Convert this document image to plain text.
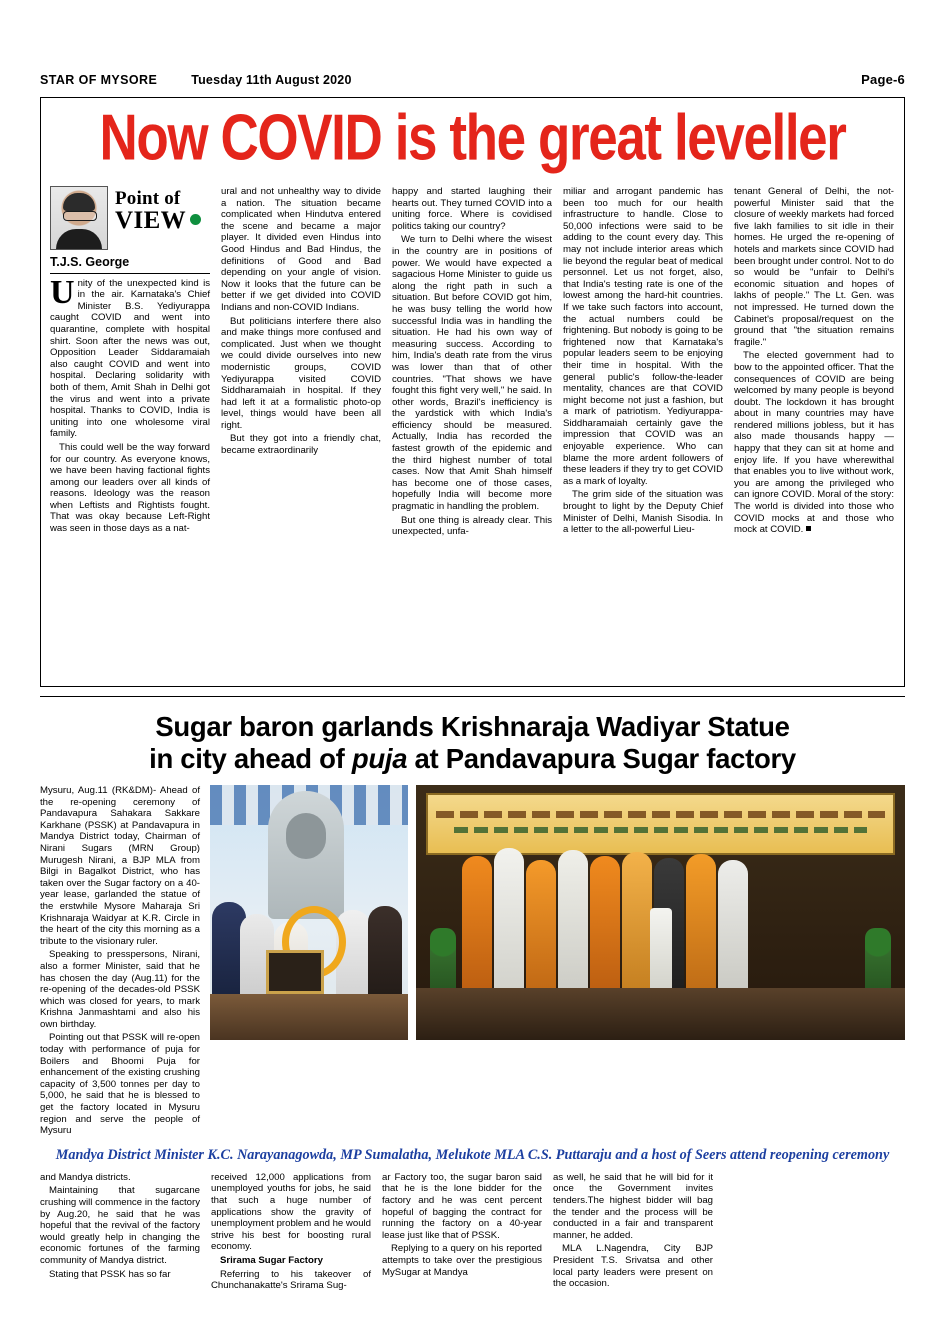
STAR OF MYSORE	Tuesday 11th August 2020	Page-6
Now COVID is the great leveller
Point of
VIEW
T.J.S. George

Unity of the unexpected kind is in the air. Karnataka's Chief Minister B.S. Yediyurappa caught COVID and went into quarantine, complete with hospital shirt. Soon after the news was out, Opposition Leader Siddaramaiah also caught COVID and went into hospital. Declaring solidarity with both of them, Amit Shah in Delhi got the virus and went into a private hospital. Thanks to COVID, India is uniting into one wholesome viral family.

This could well be the way forward for our country. As everyone knows, we have been having factional fights among our leaders over all kinds of reasons. Ideology was the reason when Leftists and Rightists fought. That was okay because Left-Right was seen in those days as a nat-

ural and not unhealthy way to divide a nation. The situation became complicated when Hindutva entered the scene and became a major player. It divided even Hindus into Good Hindus and Bad Hindus, the definitions of Good and Bad depending on your angle of vision. Now it looks that the future can be better if we get divided into COVID Indians and non-COVID Indians.

But politicians interfere there also and make things more confused and complicated. Just when we thought we could divide ourselves into new modernistic groups, COVID Yediyurappa visited COVID Siddharamaiah in hospital. If they had left it at a formalistic photo-op level, things would have been all right.

But they got into a friendly chat, became extraordinarily

happy and started laughing their hearts out. They turned COVID into a uniting force. Where is covidised politics taking our country?

We turn to Delhi where the wisest in the country are in positions of power. We would have expected a sagacious Home Minister to guide us along the right path in such a situation. But before COVID got him, he was busy telling the world how successful India was in handling the situation. He had his own way of measuring success. According to him, India's death rate from the virus was lower than that of other countries. "That shows we have fought this fight very well," he said. In other words, Brazil's inefficiency is the yardstick with which India's efficiency should be measured. Actually, India has recorded the fastest growth of the epidemic and the third highest number of total cases. Now that Amit Shah himself has become one of those cases, hopefully India will become more pragmatic in handling the problem.

But one thing is already clear. This unexpected, unfa-

miliar and arrogant pandemic has been too much for our health infrastructure to handle. Close to 50,000 infections were said to be adding to the count every day. This may not include interior areas which lie beyond the regular beat of medical personnel. Let us not forget, also, that India's testing rate is one of the lowest among the hard-hit countries. If we take such factors into account, the actual numbers could be frightening. But nobody is going to be frightened now that Karnataka's popular leaders seem to be enjoying their time in hospital. With the general public's follow-the-leader mentality, chances are that COVID might become not just a fashion, but a mark of patriotism. Yediyurappa-Siddharamaiah certainly gave the impression that COVID was an enjoyable experience. Who can blame the more ardent followers of these leaders if they try to get COVID as a mark of loyalty.

The grim side of the situation was brought to light by the Deputy Chief Minister of Delhi, Manish Sisodia. In a letter to the all-powerful Lieu-

tenant General of Delhi, the not-powerful Minister said that the closure of weekly markets had forced five lakh families to sit idle in their homes. He urged the re-opening of hotels and markets since COVID had been brought under control. Not to do so would be "unfair to Delhi's economic situation and hopes of lakhs of people." The Lt. Gen. was not impressed. He turned down the Cabinet's proposal/request on the ground that "the situation remains fragile."

The elected government had to bow to the appointed officer. That the consequences of COVID are being welcomed by many people is beyond doubt. The lockdown it has brought about in many countries may have rendered millions jobless, but it has also made thousands happy — happy that they can sit at home and enjoy life. If you have wherewithal that enables you to live without work, you are among the privileged who can ignore COVID. Moral of the story: The world is divided into those who COVID mocks at and those who mock at COVID.

Sugar baron garlands Krishnaraja Wadiyar Statue
in city ahead of puja at Pandavapura Sugar factory

Mysuru, Aug.11 (RK&DM)- Ahead of the re-opening ceremony of Pandavapura Sahakara Sakkare Karkhane (PSSK) at Pandavapura in Mandya District today, Chairman of Nirani Sugars (MRN Group) Murugesh Nirani, a BJP MLA from Bilgi in Bagalkot District, who has taken over the Sugar factory on a 40-year lease, garlanded the statue of the erstwhile Mysore Maharaja Sri Krishnaraja Waidyar at K.R. Circle in the heart of the city this morning as a tribute to the visionary ruler.

Speaking to presspersons, Nirani, also a former Minister, said that he has chosen the day (Aug.11) for the re-opening of the decades-old PSSK which was closed for years, to mark Krishna Janmashtami and also his own birthday.

Pointing out that PSSK will re-open today with performance of puja for Boilers and Bhoomi Puja for enhancement of the existing crushing capacity of 3,500 tonnes per day to 5,000, he said that he is blessed to get the factory located in Mysuru region and serve the people of Mysuru

Mandya District Minister K.C. Narayanagowda, MP Sumalatha, Melukote MLA C.S. Puttaraju and a host of Seers attend reopening ceremony

and Mandya districts.

Maintaining that sugarcane crushing will commence in the factory by Aug.20, he said that he was hopeful that the revival of the factory would greatly help in changing the economic fortunes of the farming community of Mandya district.

Stating that PSSK has so far

received 12,000 applications from unemployed youths for jobs, he said that such a huge number of applications show the gravity of unemployment problem and he would strive his best for boosting rural economy.

Srirama Sugar Factory

Referring to his takeover of Chunchanakatte's Srirama Sug-

ar Factory too, the sugar baron said that he is the lone bidder for the factory and he was cent percent hopeful of bagging the contract for running the factory on a 40-year lease just like that of PSSK.

Replying to a query on his reported attempts to take over the prestigious MySugar at Mandya

as well, he said that he will bid for it once the Government invites tenders.The highest bidder will bag the tender and the process will be conducted in a fair and transparent manner, he added.

MLA L.Nagendra, City BJP President T.S. Srivatsa and other local party leaders were present on the occasion.
